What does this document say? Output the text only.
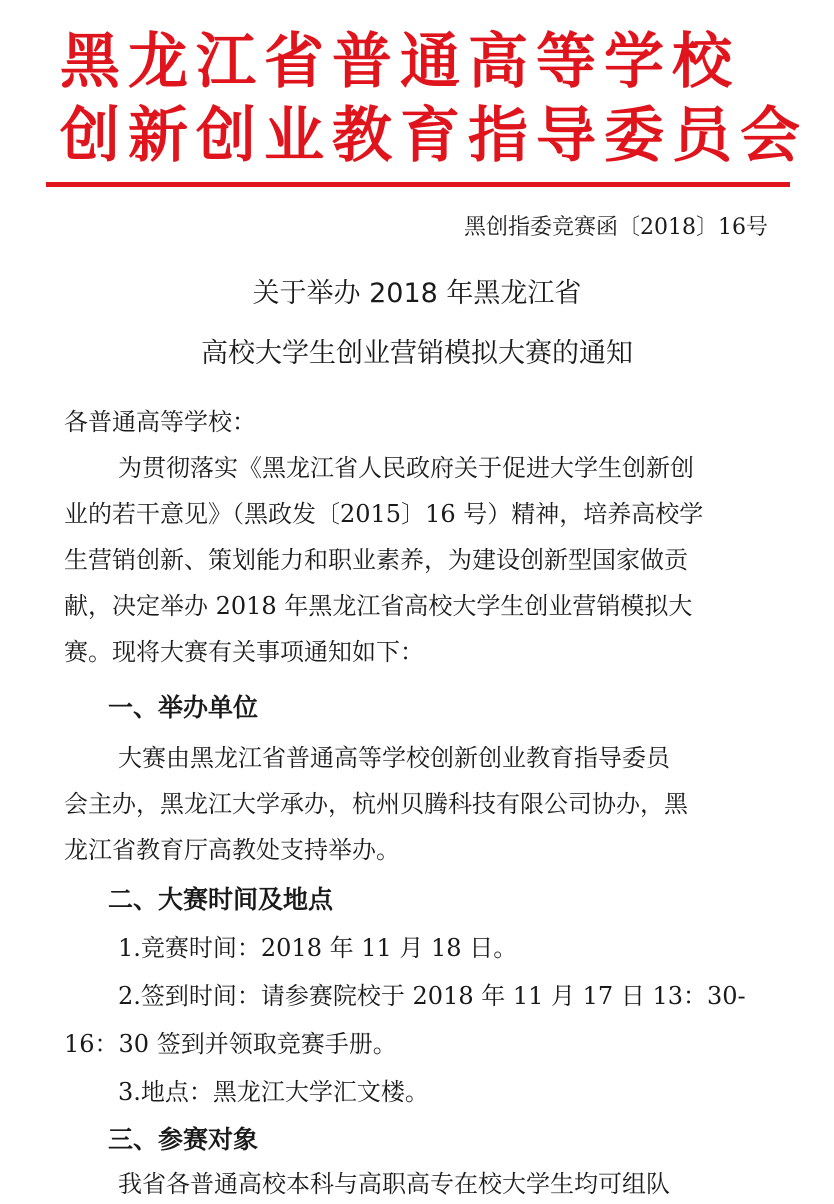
黑龙江省普通高等学校
创新创业教育指导委员会
黑创指委竞赛函〔2018〕16号
关于举办 2018 年黑龙江省
高校大学生创业营销模拟大赛的通知
各普通高等学校：
为贯彻落实《黑龙江省人民政府关于促进大学生创新创
业的若干意见》（黑政发〔2015〕16 号）精神，培养高校学
生营销创新、策划能力和职业素养，为建设创新型国家做贡
献，决定举办 2018 年黑龙江省高校大学生创业营销模拟大
赛。现将大赛有关事项通知如下：
一、举办单位
大赛由黑龙江省普通高等学校创新创业教育指导委员
会主办，黑龙江大学承办，杭州贝腾科技有限公司协办，黑
龙江省教育厅高教处支持举办。
二、大赛时间及地点
1.竞赛时间：2018 年 11 月 18 日。
2.签到时间：请参赛院校于 2018 年 11 月 17 日 13：30-
16：30 签到并领取竞赛手册。
3.地点：黑龙江大学汇文楼。
三、参赛对象
我省各普通高校本科与高职高专在校大学生均可组队
